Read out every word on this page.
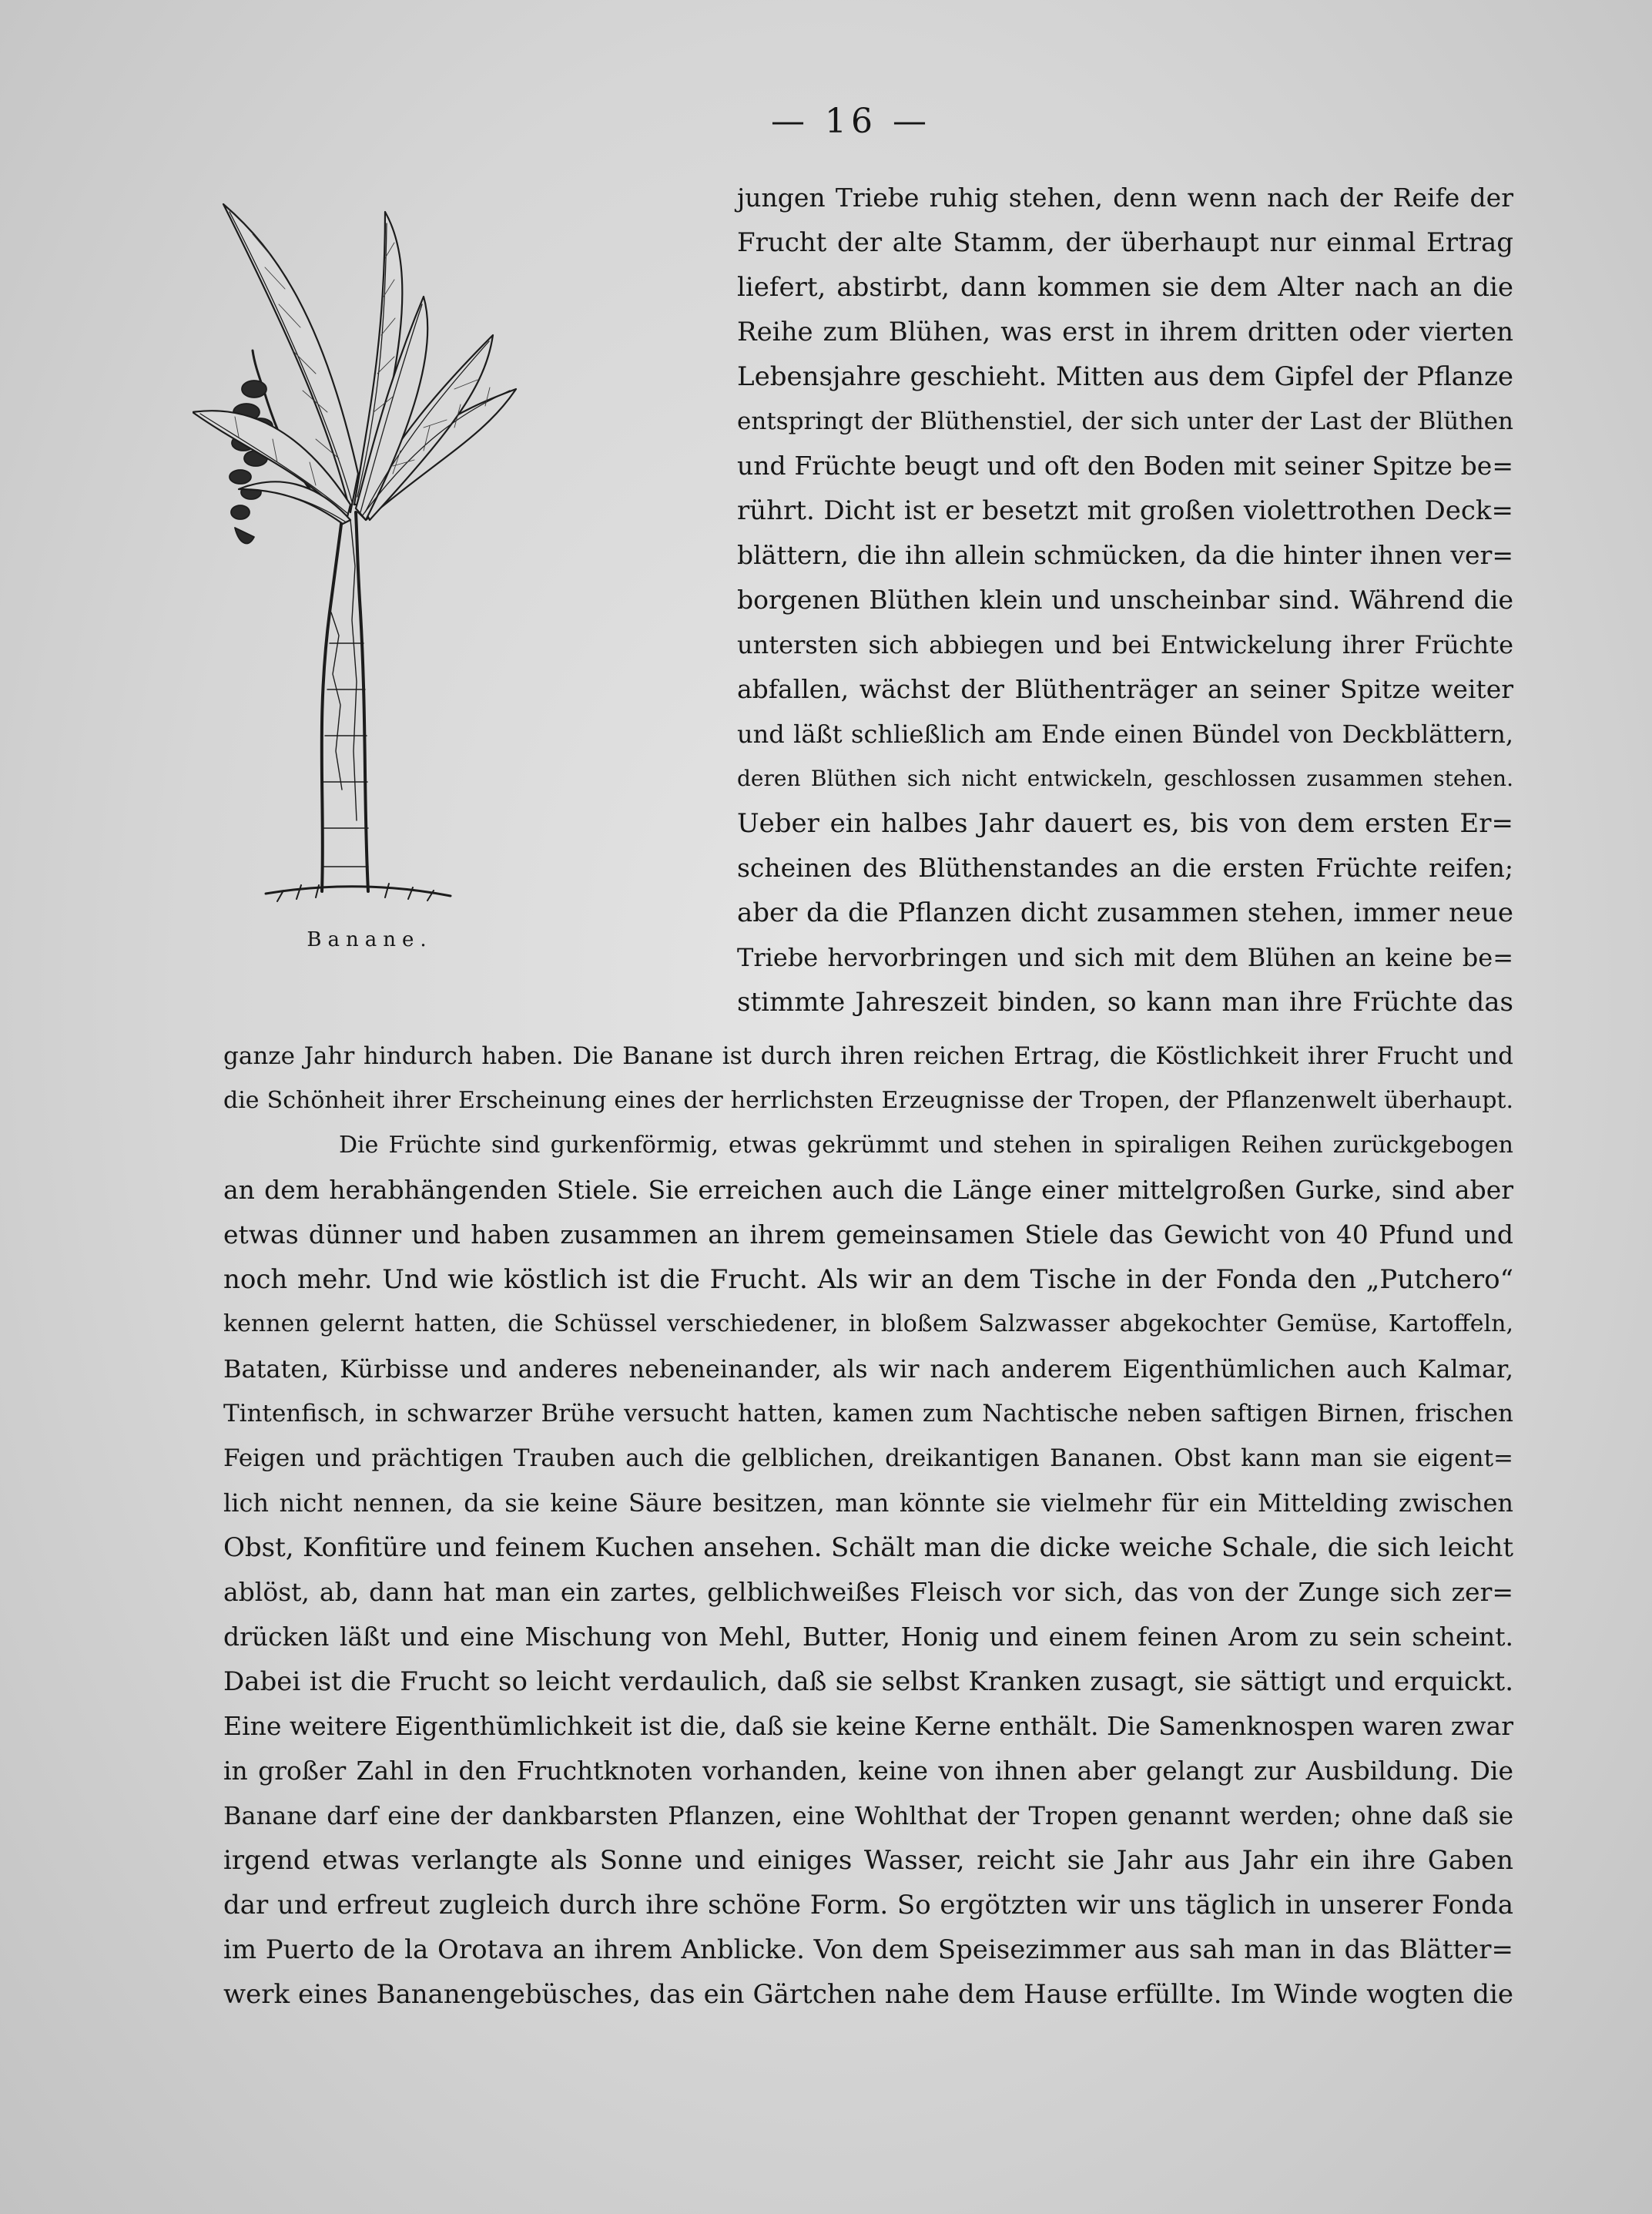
— 16 —
Banane.
jungen Triebe ruhig stehen, denn wenn nach der Reife der
Frucht der alte Stamm, der überhaupt nur einmal Ertrag
liefert, abstirbt, dann kommen sie dem Alter nach an die
Reihe zum Blühen, was erst in ihrem dritten oder vierten
Lebensjahre geschieht. Mitten aus dem Gipfel der Pflanze
entspringt der Blüthenstiel, der sich unter der Last der Blüthen
und Früchte beugt und oft den Boden mit seiner Spitze be=
rührt. Dicht ist er besetzt mit großen violettrothen Deck=
blättern, die ihn allein schmücken, da die hinter ihnen ver=
borgenen Blüthen klein und unscheinbar sind. Während die
untersten sich abbiegen und bei Entwickelung ihrer Früchte
abfallen, wächst der Blüthenträger an seiner Spitze weiter
und läßt schließlich am Ende einen Bündel von Deckblättern,
deren Blüthen sich nicht entwickeln, geschlossen zusammen stehen.
Ueber ein halbes Jahr dauert es, bis von dem ersten Er=
scheinen des Blüthenstandes an die ersten Früchte reifen;
aber da die Pflanzen dicht zusammen stehen, immer neue
Triebe hervorbringen und sich mit dem Blühen an keine be=
stimmte Jahreszeit binden, so kann man ihre Früchte das
ganze Jahr hindurch haben. Die Banane ist durch ihren reichen Ertrag, die Köstlichkeit ihrer Frucht und
die Schönheit ihrer Erscheinung eines der herrlichsten Erzeugnisse der Tropen, der Pflanzenwelt überhaupt.
Die Früchte sind gurkenförmig, etwas gekrümmt und stehen in spiraligen Reihen zurückgebogen
an dem herabhängenden Stiele. Sie erreichen auch die Länge einer mittelgroßen Gurke, sind aber
etwas dünner und haben zusammen an ihrem gemeinsamen Stiele das Gewicht von 40 Pfund und
noch mehr. Und wie köstlich ist die Frucht. Als wir an dem Tische in der Fonda den „Putchero“
kennen gelernt hatten, die Schüssel verschiedener, in bloßem Salzwasser abgekochter Gemüse, Kartoffeln,
Bataten, Kürbisse und anderes nebeneinander, als wir nach anderem Eigenthümlichen auch Kalmar,
Tintenfisch, in schwarzer Brühe versucht hatten, kamen zum Nachtische neben saftigen Birnen, frischen
Feigen und prächtigen Trauben auch die gelblichen, dreikantigen Bananen. Obst kann man sie eigent=
lich nicht nennen, da sie keine Säure besitzen, man könnte sie vielmehr für ein Mittelding zwischen
Obst, Konfitüre und feinem Kuchen ansehen. Schält man die dicke weiche Schale, die sich leicht
ablöst, ab, dann hat man ein zartes, gelblichweißes Fleisch vor sich, das von der Zunge sich zer=
drücken läßt und eine Mischung von Mehl, Butter, Honig und einem feinen Arom zu sein scheint.
Dabei ist die Frucht so leicht verdaulich, daß sie selbst Kranken zusagt, sie sättigt und erquickt.
Eine weitere Eigenthümlichkeit ist die, daß sie keine Kerne enthält. Die Samenknospen waren zwar
in großer Zahl in den Fruchtknoten vorhanden, keine von ihnen aber gelangt zur Ausbildung. Die
Banane darf eine der dankbarsten Pflanzen, eine Wohlthat der Tropen genannt werden; ohne daß sie
irgend etwas verlangte als Sonne und einiges Wasser, reicht sie Jahr aus Jahr ein ihre Gaben
dar und erfreut zugleich durch ihre schöne Form. So ergötzten wir uns täglich in unserer Fonda
im Puerto de la Orotava an ihrem Anblicke. Von dem Speisezimmer aus sah man in das Blätter=
werk eines Bananengebüsches, das ein Gärtchen nahe dem Hause erfüllte. Im Winde wogten die
